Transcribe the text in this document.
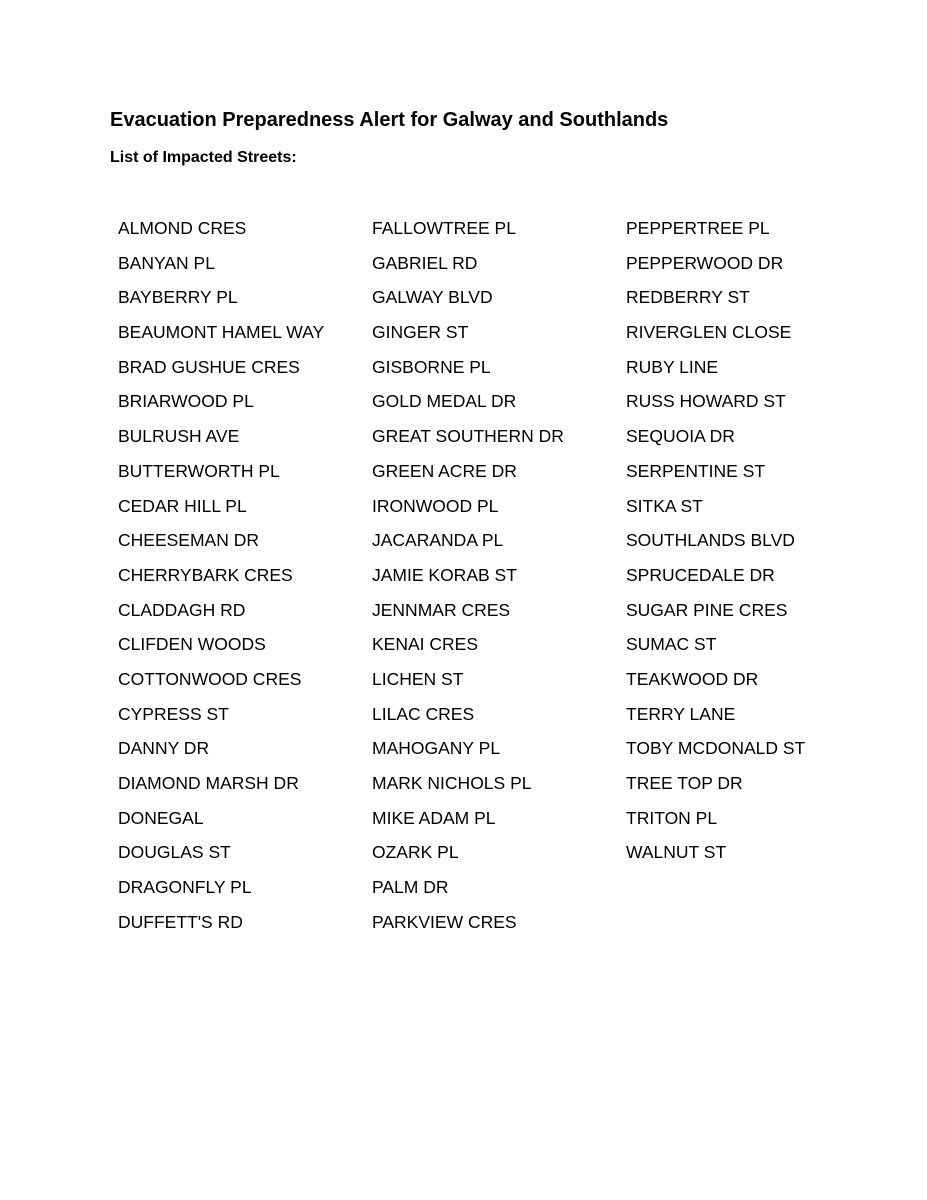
Evacuation Preparedness Alert for Galway and Southlands
List of Impacted Streets:
ALMOND CRES
BANYAN PL
BAYBERRY PL
BEAUMONT HAMEL WAY
BRAD GUSHUE CRES
BRIARWOOD PL
BULRUSH AVE
BUTTERWORTH PL
CEDAR HILL PL
CHEESEMAN DR
CHERRYBARK CRES
CLADDAGH RD
CLIFDEN WOODS
COTTONWOOD CRES
CYPRESS ST
DANNY DR
DIAMOND MARSH DR
DONEGAL
DOUGLAS ST
DRAGONFLY PL
DUFFETT'S RD
FALLOWTREE PL
GABRIEL RD
GALWAY BLVD
GINGER ST
GISBORNE PL
GOLD MEDAL DR
GREAT SOUTHERN DR
GREEN ACRE DR
IRONWOOD PL
JACARANDA PL
JAMIE KORAB ST
JENNMAR CRES
KENAI CRES
LICHEN ST
LILAC CRES
MAHOGANY PL
MARK NICHOLS PL
MIKE ADAM PL
OZARK PL
PALM DR
PARKVIEW CRES
PEPPERTREE PL
PEPPERWOOD DR
REDBERRY ST
RIVERGLEN CLOSE
RUBY LINE
RUSS HOWARD ST
SEQUOIA DR
SERPENTINE ST
SITKA ST
SOUTHLANDS BLVD
SPRUCEDALE DR
SUGAR PINE CRES
SUMAC ST
TEAKWOOD DR
TERRY LANE
TOBY MCDONALD ST
TREE TOP DR
TRITON PL
WALNUT ST
